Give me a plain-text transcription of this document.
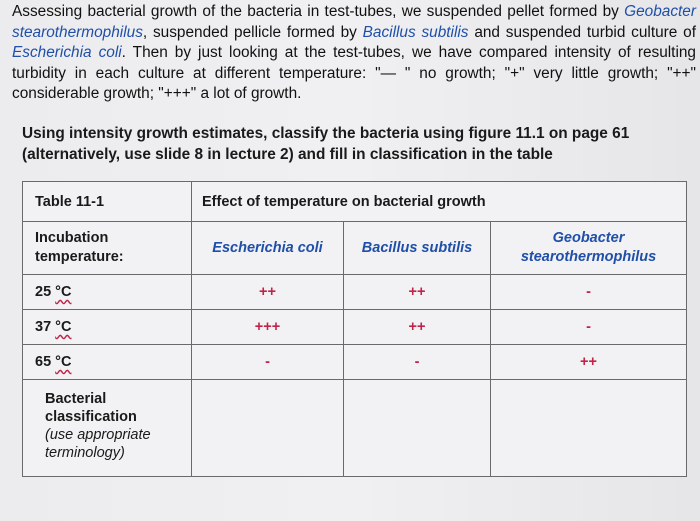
Assessing bacterial growth of the bacteria in test-tubes, we suspended pellet formed by Geobacter stearothermophilus, suspended pellicle formed by Bacillus subtilis and suspended turbid culture of Escherichia coli. Then by just looking at the test-tubes, we have compared intensity of resulting turbidity in each culture at different temperature: "— " no growth; "+" very little growth; "++" considerable growth; "+++" a lot of growth.
Using intensity growth estimates, classify the bacteria using figure 11.1 on page 61 (alternatively, use slide 8 in lecture 2) and fill in classification in the table
Table 11-1	Effect of temperature on bacterial growth		
Incubation temperature:	Escherichia coli	Bacillus subtilis	Geobacter stearothermophilus
25 °C	++	++	-
37 °C	+++	++	-
65 °C	-	-	++

Bacterial classification
(use appropriate terminology)			
